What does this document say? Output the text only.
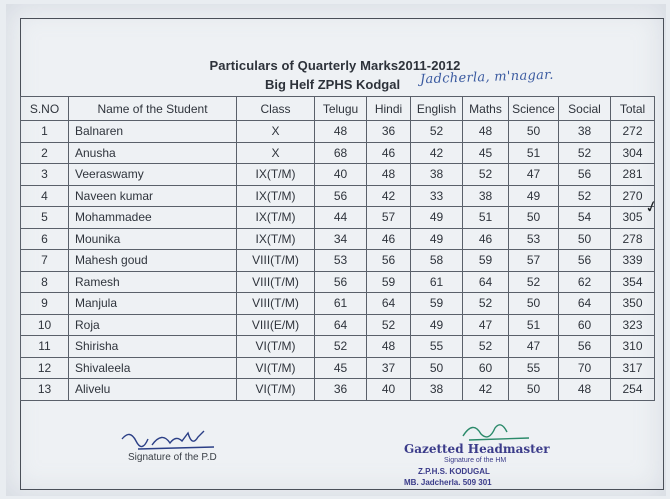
Particulars of Quarterly Marks2011-2012
Big Helf ZPHS Kodgal Jadcherla, m'nagar.
S.NO	Name of the Student	Class	Telugu	Hindi	English	Maths	Science	Social	Total
1	Balnaren	X	48	36	52	48	50	38	272
2	Anusha	X	68	46	42	45	51	52	304
3	Veeraswamy	IX(T/M)	40	48	38	52	47	56	281
4	Naveen kumar	IX(T/M)	56	42	33	38	49	52	270
5	Mohammadee	IX(T/M)	44	57	49	51	50	54	305
6	Mounika	IX(T/M)	34	46	49	46	53	50	278
7	Mahesh goud	VIII(T/M)	53	56	58	59	57	56	339
8	Ramesh	VIII(T/M)	56	59	61	64	52	62	354
9	Manjula	VIII(T/M)	61	64	59	52	50	64	350
10	Roja	VIII(E/M)	64	52	49	47	51	60	323
11	Shirisha	VI(T/M)	52	48	55	52	47	56	310
12	Shivaleela	VI(T/M)	45	37	50	60	55	70	317
13	Alivelu	VI(T/M)	36	40	38	42	50	48	254
✓
Signature of the P.D
Gazetted Headmaster
Signature of the HM
Z.P.H.S. KODUGAL
MB. Jadcherla. 509 301
